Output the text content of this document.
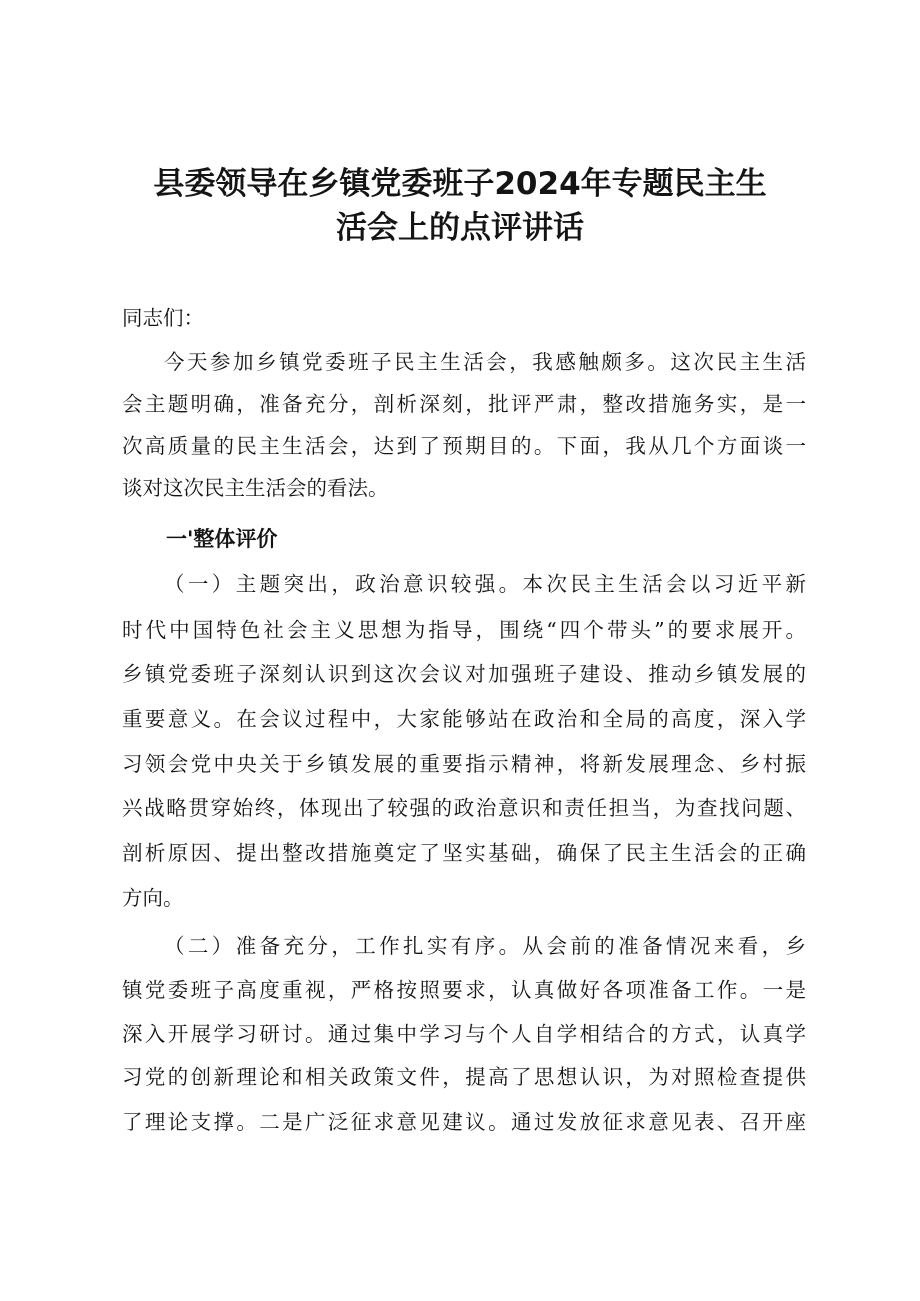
县委领导在乡镇党委班子2024年专题民主生
活会上的点评讲话
同志们：
今天参加乡镇党委班子民主生活会，我感触颇多。这次民主生活
会主题明确，准备充分，剖析深刻，批评严肃，整改措施务实，是一
次高质量的民主生活会，达到了预期目的。下面，我从几个方面谈一
谈对这次民主生活会的看法。
一'整体评价
（一）主题突出，政治意识较强。本次民主生活会以习近平新
时代中国特色社会主义思想为指导，围绕“四个带头”的要求展开。
乡镇党委班子深刻认识到这次会议对加强班子建设、推动乡镇发展的
重要意义。在会议过程中，大家能够站在政治和全局的高度，深入学
习领会党中央关于乡镇发展的重要指示精神，将新发展理念、乡村振
兴战略贯穿始终，体现出了较强的政治意识和责任担当，为查找问题、
剖析原因、提出整改措施奠定了坚实基础，确保了民主生活会的正确
方向。
（二）准备充分，工作扎实有序。从会前的准备情况来看，乡
镇党委班子高度重视，严格按照要求，认真做好各项准备工作。一是
深入开展学习研讨。通过集中学习与个人自学相结合的方式，认真学
习党的创新理论和相关政策文件，提高了思想认识，为对照检查提供
了理论支撑。二是广泛征求意见建议。通过发放征求意见表、召开座
